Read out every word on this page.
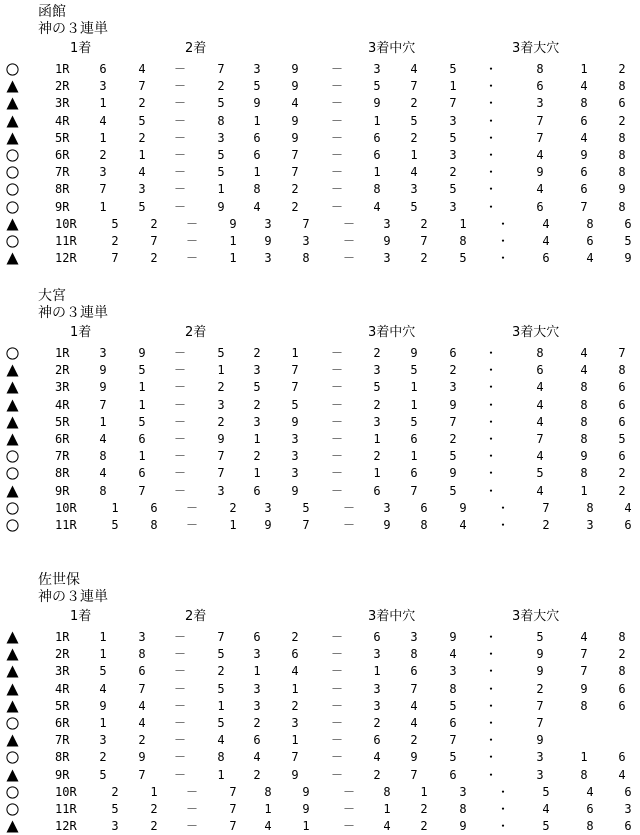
函館
神の３連単
1着	2着	3着中穴	3着大穴
1R	6	4	－	7	3	9	－	3	4	5	・	8	1	2
2R	3	7	－	2	5	9	－	5	7	1	・	6	4	8
3R	1	2	－	5	9	4	－	9	2	7	・	3	8	6
4R	4	5	－	8	1	9	－	1	5	3	・	7	6	2
5R	1	2	－	3	6	9	－	6	2	5	・	7	4	8
6R	2	1	－	5	6	7	－	6	1	3	・	4	9	8
7R	3	4	－	5	1	7	－	1	4	2	・	9	6	8
8R	7	3	－	1	8	2	－	8	3	5	・	4	6	9
9R	1	5	－	9	4	2	－	4	5	3	・	6	7	8
10R	5	2	－	9	3	7	－	3	2	1	・	4	8	6
11R	2	7	－	1	9	3	－	9	7	8	・	4	6	5
12R	7	2	－	1	3	8	－	3	2	5	・	6	4	9
大宮
神の３連単
1着	2着	3着中穴	3着大穴
1R	3	9	－	5	2	1	－	2	9	6	・	8	4	7
2R	9	5	－	1	3	7	－	3	5	2	・	6	4	8
3R	9	1	－	2	5	7	－	5	1	3	・	4	8	6
4R	7	1	－	3	2	5	－	2	1	9	・	4	8	6
5R	1	5	－	2	3	9	－	3	5	7	・	4	8	6
6R	4	6	－	9	1	3	－	1	6	2	・	7	8	5
7R	8	1	－	7	2	3	－	2	1	5	・	4	9	6
8R	4	6	－	7	1	3	－	1	6	9	・	5	8	2
9R	8	7	－	3	6	9	－	6	7	5	・	4	1	2
10R	1	6	－	2	3	5	－	3	6	9	・	7	8	4
11R	5	8	－	1	9	7	－	9	8	4	・	2	3	6
佐世保
神の３連単
1着	2着	3着中穴	3着大穴
1R	1	3	－	7	6	2	－	6	3	9	・	5	4	8
2R	1	8	－	5	3	6	－	3	8	4	・	9	7	2
3R	5	6	－	2	1	4	－	1	6	3	・	9	7	8
4R	4	7	－	5	3	1	－	3	7	8	・	2	9	6
5R	9	4	－	1	3	2	－	3	4	5	・	7	8	6
6R	1	4	－	5	2	3	－	2	4	6	・	7
7R	3	2	－	4	6	1	－	6	2	7	・	9
8R	2	9	－	8	4	7	－	4	9	5	・	3	1	6
9R	5	7	－	1	2	9	－	2	7	6	・	3	8	4
10R	2	1	－	7	8	9	－	8	1	3	・	5	4	6
11R	5	2	－	7	1	9	－	1	2	8	・	4	6	3
12R	3	2	－	7	4	1	－	4	2	9	・	5	8	6
